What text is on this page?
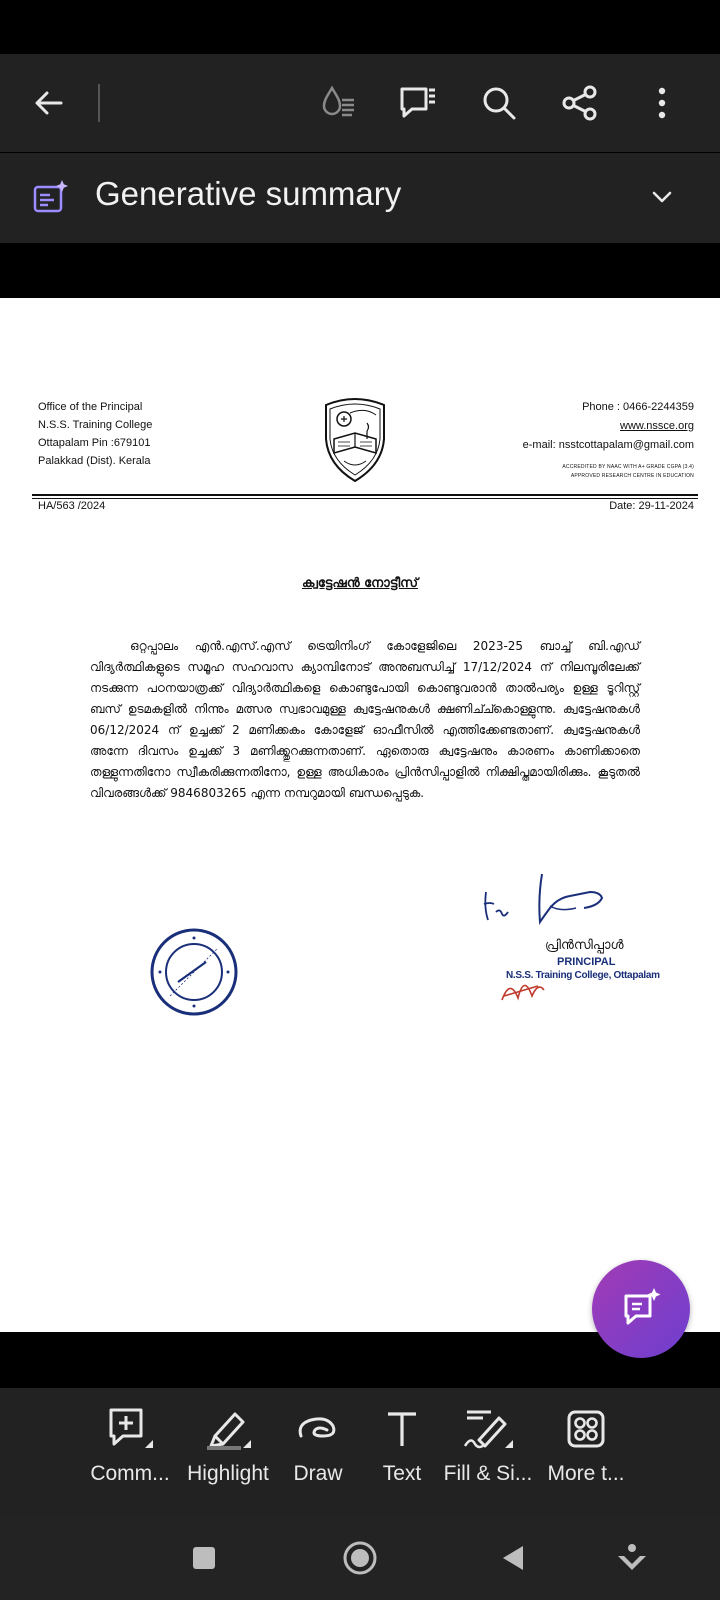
Generative summary
Office of the Principal
N.S.S. Training College
Ottapalam Pin :679101
Palakkad (Dist). Kerala
Phone : 0466-2244359
www.nssce.org
e-mail: nsstcottapalam@gmail.com
ACCREDITED BY NAAC WITH A+ GRADE CGPA (3.4)
APPROVED RESEARCH CENTRE IN EDUCATION
HA/563 /2024	Date: 29-11-2024
ക്വട്ടേഷൻ നോട്ടീസ്
ഒറ്റപ്പാലം എൻ.എസ്.എസ് ട്രെയിനിംഗ് കോളേജിലെ 2023-25 ബാച്ച് ബി.എഡ് വിദ്യർത്ഥികളുടെ സമൂഹ സഹവാസ ക്യാമ്പിനോട് അനുബന്ധിച്ച് 17/12/2024 ന് നിലമ്പൂരിലേക്ക് നടക്കുന്ന പഠനയാത്രക്ക് വിദ്യാർത്ഥികളെ കൊണ്ടുപോയി കൊണ്ടുവരാൻ താൽപര്യം ഉള്ള ടൂറിസ്റ്റ് ബസ് ഉടമകളിൽ നിന്നും മത്സര സ്വഭാവമുള്ള ക്വട്ടേഷനുകൾ ക്ഷണിച്ച്കൊള്ളുന്നു. ക്വട്ടേഷനുകൾ 06/12/2024 ന് ഉച്ചക്ക് 2 മണിക്കകം കോളേജ് ഓഫീസിൽ എത്തിക്കേണ്ടതാണ്. ക്വട്ടേഷനുകൾ അന്നേ ദിവസം ഉച്ചക്ക് 3 മണിക്ക്തുറക്കുന്നതാണ്. ഏതൊരു ക്വട്ടേഷനും കാരണം കാണിക്കാതെ തള്ളുന്നതിനോ സ്വീകരിക്കുന്നതിനോ, ഉള്ള അധികാരം പ്രിൻസിപ്പാളിൽ നിക്ഷിപ്തമായിരിക്കും. കൂടുതൽ വിവരങ്ങൾക്ക് 9846803265 എന്ന നമ്പറുമായി ബന്ധപ്പെടുക.
പ്രിൻസിപ്പാൾ
PRINCIPAL
N.S.S. Training College, Ottapalam
Comm... Highlight	Draw	Text	Fill & Si... More t...
